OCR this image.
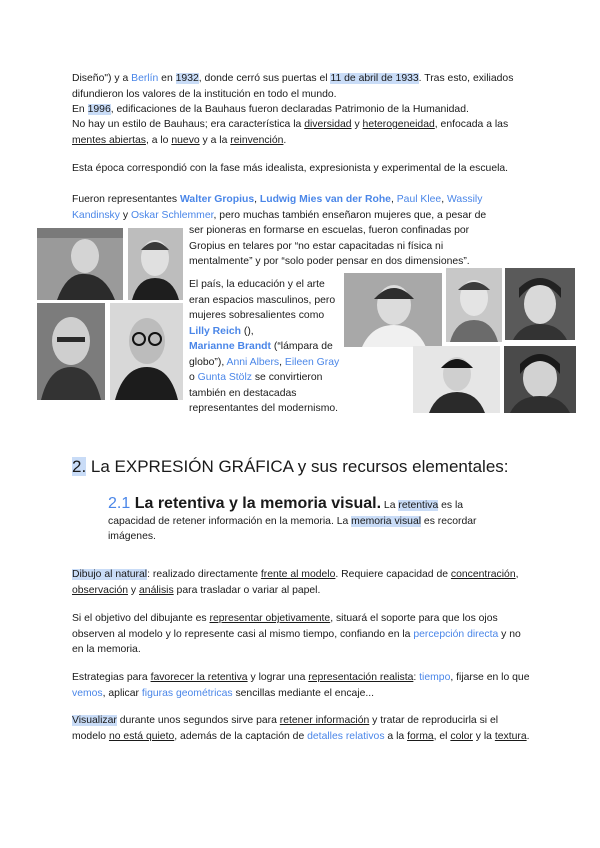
Diseño") y a Berlín en 1932, donde cerró sus puertas el 11 de abril de 1933. Tras esto, exiliados difundieron los valores de la institución en todo el mundo.
En 1996, edificaciones de la Bauhaus fueron declaradas Patrimonio de la Humanidad.
No hay un estilo de Bauhaus; era característica la diversidad y heterogeneidad, enfocada a las mentes abiertas, a lo nuevo y a la reinvención.
Esta época correspondió con la fase más idealista, expresionista y experimental de la escuela.
Fueron representantes Walter Gropius, Ludwig Mies van der Rohe, Paul Klee, Wassily Kandinsky y Oskar Schlemmer, pero muchas también enseñaron mujeres que, a pesar de
ser pioneras en formarse en escuelas, fueron confinadas por Gropius en telares por “no estar capacitadas ni física ni mentalmente” y por “solo poder pensar en dos dimensiones”.
El país, la educación y el arte eran espacios masculinos, pero mujeres sobresalientes como Lilly Reich (),
Marianne Brandt (“lámpara de globo”), Anni Albers, Eileen Gray o Gunta Stölz se convirtieron también en destacadas representantes del modernismo.
2. La EXPRESIÓN GRÁFICA y sus recursos elementales:
2.1 La retentiva y la memoria visual. La retentiva es la capacidad de retener información en la memoria. La memoria visual es recordar imágenes.
Dibujo al natural: realizado directamente frente al modelo. Requiere capacidad de concentración, observación y análisis para trasladar o variar al papel.
Si el objetivo del dibujante es representar objetivamente, situará el soporte para que los ojos observen al modelo y lo represente casi al mismo tiempo, confiando en la percepción directa y no en la memoria.
Estrategias para favorecer la retentiva y lograr una representación realista: tiempo, fijarse en lo que vemos, aplicar figuras geométricas sencillas mediante el encaje...
Visualizar durante unos segundos sirve para retener información y tratar de reproducirla si el modelo no está quieto, además de la captación de detalles relativos a la forma, el color y la textura.
